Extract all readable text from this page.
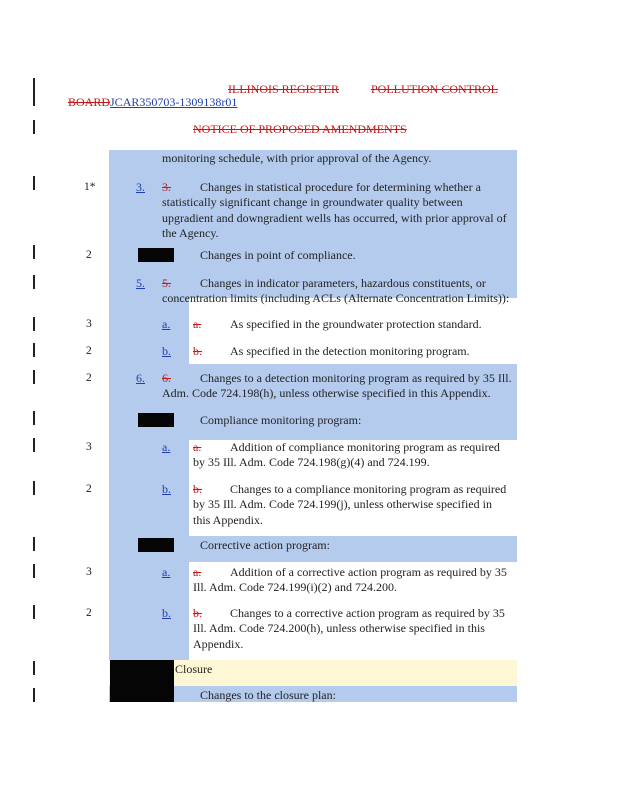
ILLINOIS REGISTER	POLLUTION CONTROL
BOARDJCAR350703-1309138r01
NOTICE OF PROPOSED AMENDMENTS
monitoring schedule, with prior approval of the Agency.
1*	3. 3.	Changes in statistical procedure for determining whether a statistically significant change in groundwater quality between upgradient and downgradient wells has occurred, with prior approval of the Agency.
2	Changes in point of compliance.
5. 5.	Changes in indicator parameters, hazardous constituents, or concentration limits (including ACLs (Alternate Concentration Limits)):
3	a. a. As specified in the groundwater protection standard.
2	b. b. As specified in the detection monitoring program.
2	6. 6.	Changes to a detection monitoring program as required by 35 Ill. Adm. Code 724.198(h), unless otherwise specified in this Appendix.
Compliance monitoring program:
3	a. a.	Addition of compliance monitoring program as required by 35 Ill. Adm. Code 724.198(g)(4) and 724.199.
2	b. b.	Changes to a compliance monitoring program as required by 35 Ill. Adm. Code 724.199(j), unless otherwise specified in this Appendix.
Corrective action program:
3	a. a.	Addition of a corrective action program as required by 35 Ill. Adm. Code 724.199(i)(2) and 724.200.
2	b. b.	Changes to a corrective action program as required by 35 Ill. Adm. Code 724.200(h), unless otherwise specified in this Appendix.
Closure
Changes to the closure plan:
